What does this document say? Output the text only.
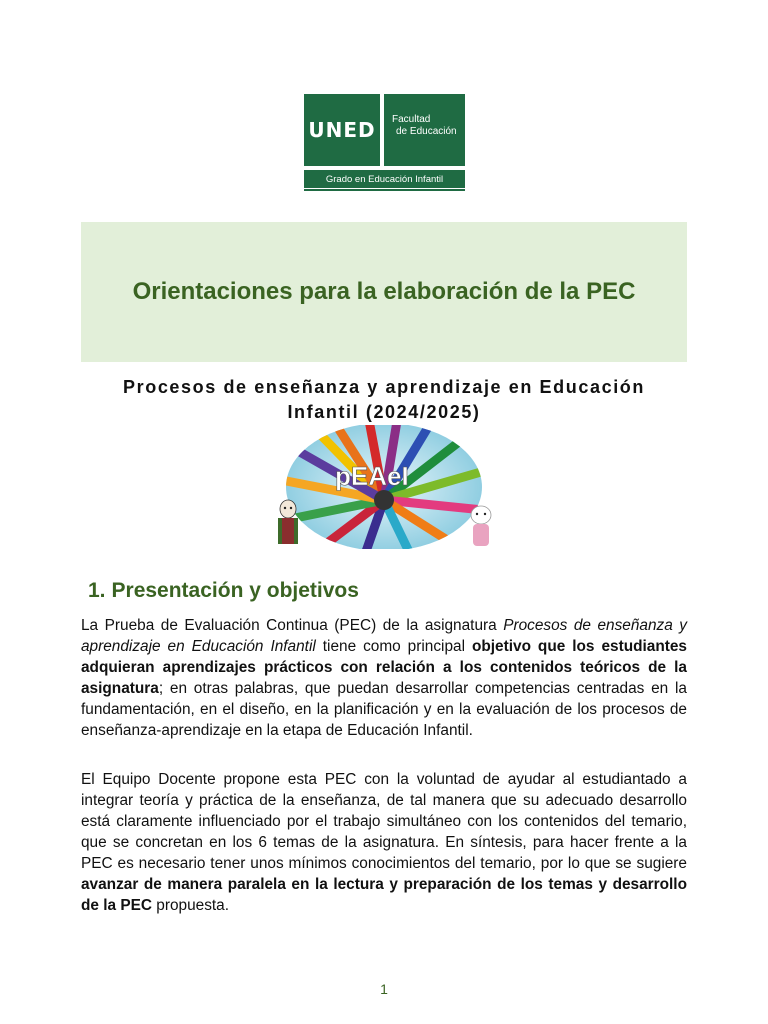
UNED	Facultad
de Educación
Grado en Educación Infantil
Orientaciones para la elaboración de la PEC
Procesos de enseñanza y aprendizaje en Educación
Infantil (2024/2025)
pEAeI
1. Presentación y objetivos

La Prueba de Evaluación Continua (PEC) de la asignatura Procesos de enseñanza y aprendizaje en Educación Infantil tiene como principal objetivo que los estudiantes adquieran aprendizajes prácticos con relación a los contenidos teóricos de la asignatura; en otras palabras, que puedan desarrollar competencias centradas en la fundamentación, en el diseño, en la planificación y en la evaluación de los procesos de enseñanza-aprendizaje en la etapa de Educación Infantil.

El Equipo Docente propone esta PEC con la voluntad de ayudar al estudiantado a integrar teoría y práctica de la enseñanza, de tal manera que su adecuado desarrollo está claramente influenciado por el trabajo simultáneo con los contenidos del temario, que se concretan en los 6 temas de la asignatura. En síntesis, para hacer frente a la PEC es necesario tener unos mínimos conocimientos del temario, por lo que se sugiere avanzar de manera paralela en la lectura y preparación de los temas y desarrollo de la PEC propuesta.

1
